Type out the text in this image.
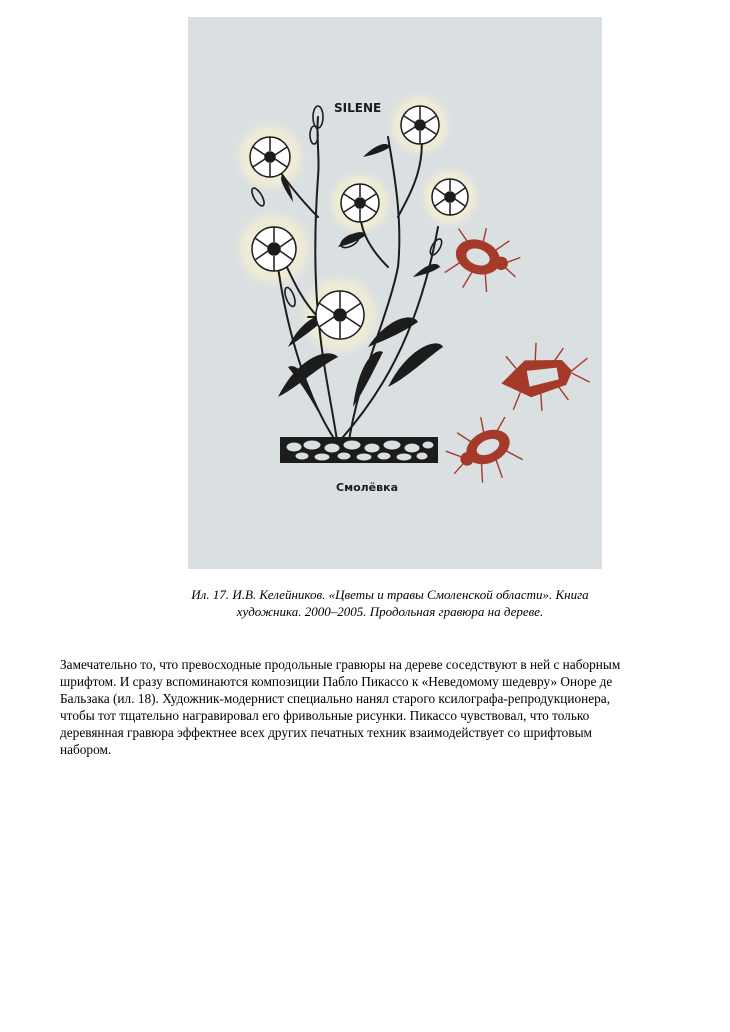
SILENE
Смолёвка
Ил. 17. И.В. Келейников. «Цветы и травы Смоленской области». Книга
художника. 2000–2005. Продольная гравюра на дереве.
Замечательно то, что превосходные продольные гравюры на дереве соседствуют в ней с наборным
шрифтом. И сразу вспоминаются композиции Пабло Пикассо к «Неведомому шедевру» Оноре де
Бальзака (ил. 18). Художник-модернист специально нанял старого ксилографа-репродукционера,
чтобы тот тщательно награвировал его фривольные рисунки. Пикассо чувствовал, что только
деревянная гравюра эффектнее всех других печатных техник взаимодействует со шрифтовым
набором.
